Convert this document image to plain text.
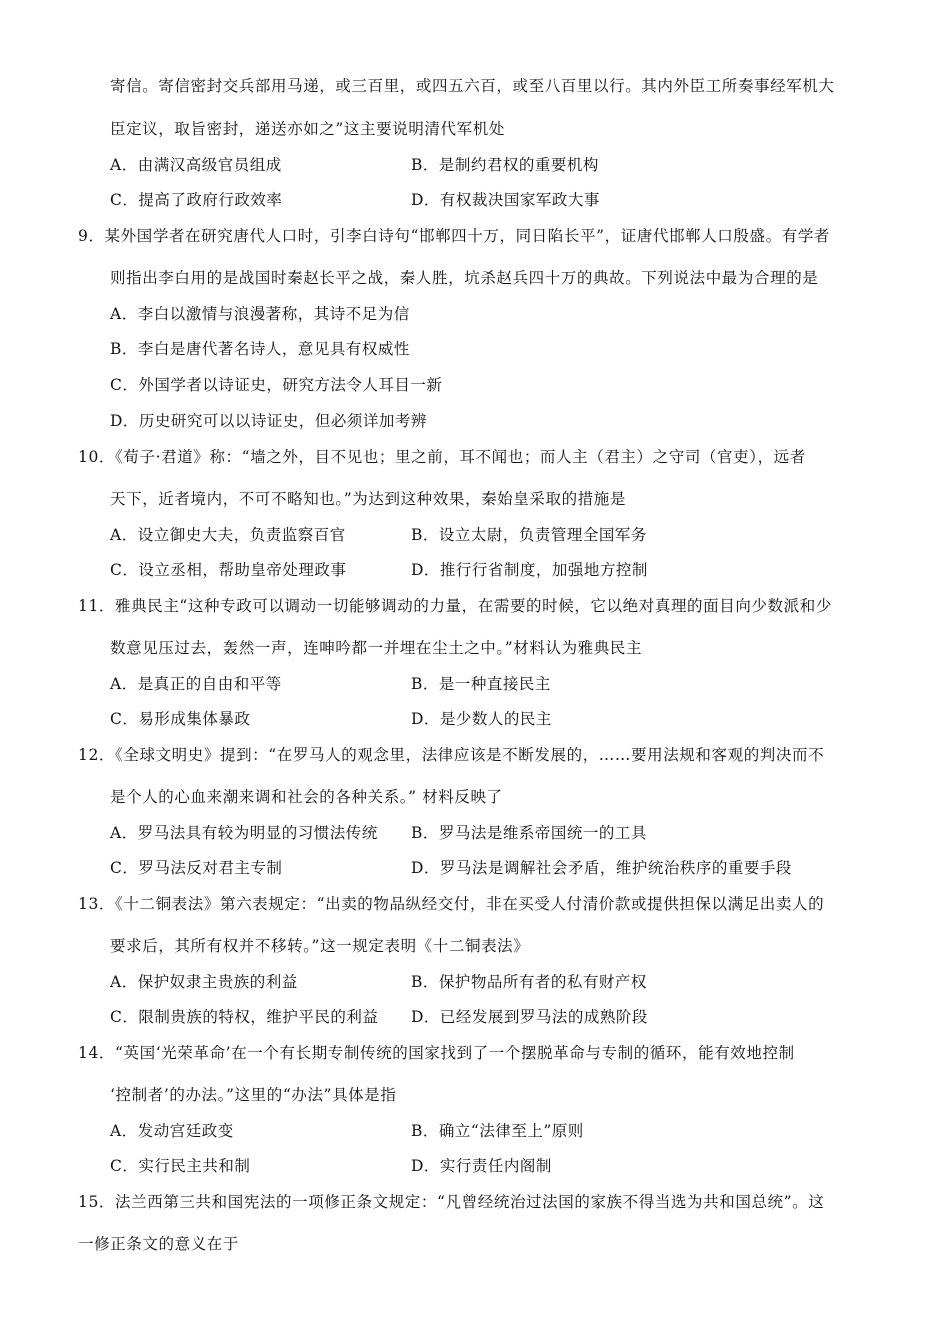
寄信。寄信密封交兵部用马递，或三百里，或四五六百，或至八百里以行。其内外臣工所奏事经军机大
臣定议，取旨密封，递送亦如之”这主要说明清代军机处
A．由满汉高级官员组成	B．是制约君权的重要机构
C．提高了政府行政效率	D．有权裁决国家军政大事
9．某外国学者在研究唐代人口时，引李白诗句“邯郸四十万，同日陷长平”，证唐代邯郸人口殷盛。有学者
则指出李白用的是战国时秦赵长平之战，秦人胜，坑杀赵兵四十万的典故。下列说法中最为合理的是
A．李白以激情与浪漫著称，其诗不足为信
B．李白是唐代著名诗人，意见具有权威性
C．外国学者以诗证史，研究方法令人耳目一新
D．历史研究可以以诗证史，但必须详加考辨
10．《荀子·君道》称：“墙之外，目不见也；里之前，耳不闻也；而人主（君主）之守司（官吏），远者
天下，近者境内，不可不略知也。”为达到这种效果，秦始皇采取的措施是
A．设立御史大夫，负责监察百官	B．设立太尉，负责管理全国军务
C．设立丞相，帮助皇帝处理政事	D．推行行省制度，加强地方控制
11．雅典民主“这种专政可以调动一切能够调动的力量，在需要的时候，它以绝对真理的面目向少数派和少
数意见压过去，轰然一声，连呻吟都一并埋在尘土之中。”材料认为雅典民主
A．是真正的自由和平等	B．是一种直接民主
C．易形成集体暴政	D．是少数人的民主
12．《全球文明史》提到：“在罗马人的观念里，法律应该是不断发展的，……要用法规和客观的判决而不
是个人的心血来潮来调和社会的各种关系。” 材料反映了
A．罗马法具有较为明显的习惯法传统 B．罗马法是维系帝国统一的工具
C．罗马法反对君主专制	D．罗马法是调解社会矛盾，维护统治秩序的重要手段
13．《十二铜表法》第六表规定：“出卖的物品纵经交付，非在买受人付清价款或提供担保以满足出卖人的
要求后，其所有权并不移转。”这一规定表明《十二铜表法》
A．保护奴隶主贵族的利益	B．保护物品所有者的私有财产权
C．限制贵族的特权，维护平民的利益 D．已经发展到罗马法的成熟阶段
14．“英国‘光荣革命’在一个有长期专制传统的国家找到了一个摆脱革命与专制的循环，能有效地控制
‘控制者’的办法。”这里的“办法”具体是指
A．发动宫廷政变	B．确立“法律至上”原则
C．实行民主共和制	D．实行责任内阁制
15．法兰西第三共和国宪法的一项修正条文规定：“凡曾经统治过法国的家族不得当选为共和国总统”。这
一修正条文的意义在于
